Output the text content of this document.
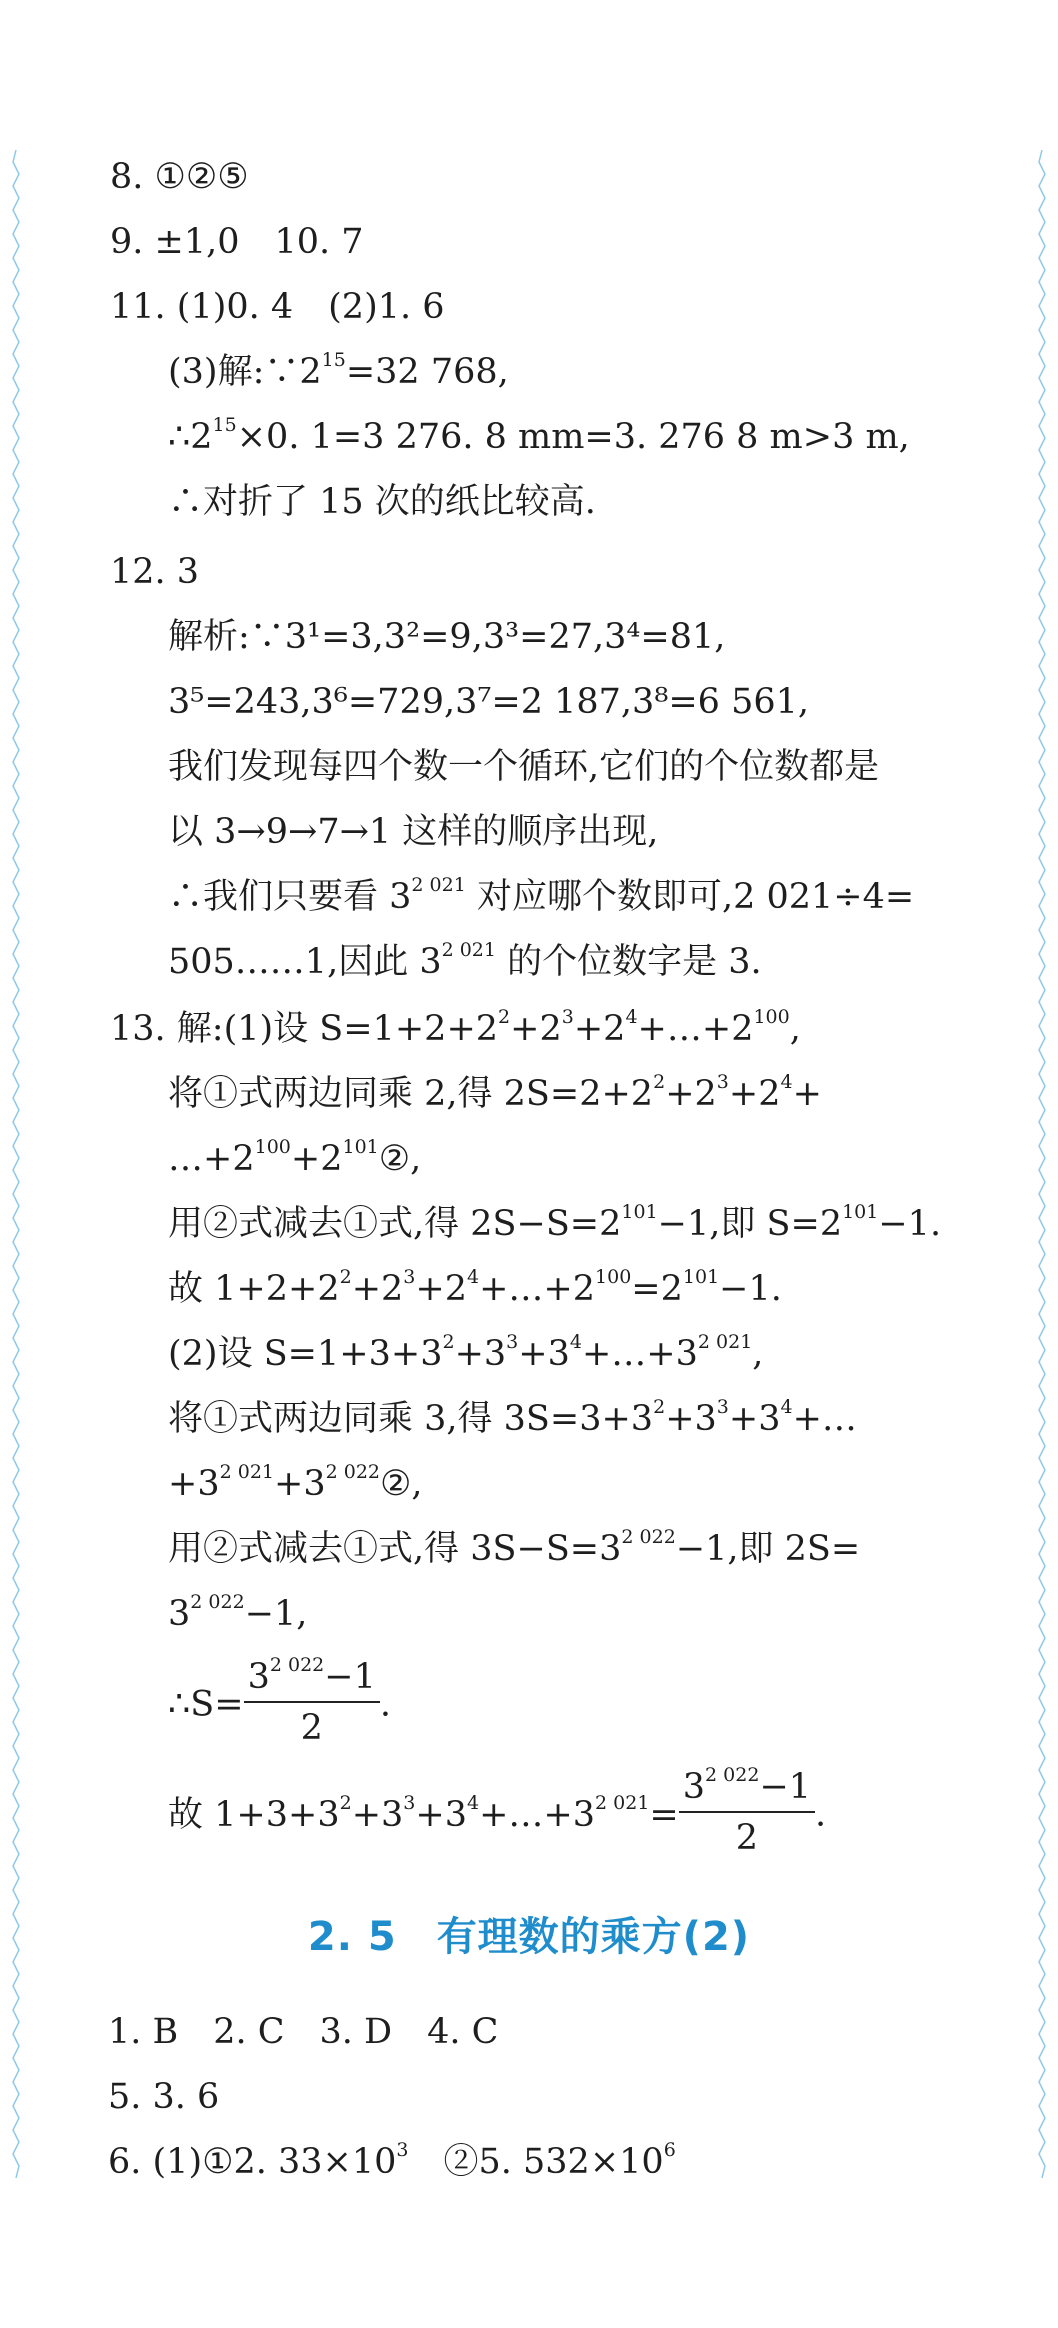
8. ①②⑤
9. ±1,0　10. 7
11. (1)0. 4　(2)1. 6
(3)解$:\because 2^{15}=32$ 768,
$\therefore 2^{15}\times 0$. 1=3 276. 8 mm=3. 276 8 m>3 m,
∴对折了 15 次的纸比较高.
12. 3
解析:∵3¹=3,3²=9,3³=27,3⁴=81,
3⁵=243,3⁶=729,3⁷=2 187,3⁸=6 561,
我们发现每四个数一个循环,它们的个位数都是
以 3→9→7→1 这样的顺序出现,
∴我们只要看 $3^{2 021}$ 对应哪个数即可,2 021÷4=
505……1,因此 $3^{2 021}$ 的个位数字是 3.
13. 解:(1)设 $S=1+2+2^2+2^3+2^4+\dots+2^{100}$,
将①式两边同乘 2,得 $2S=2+2^2+2^3+2^4+$
$\dots+2^{100}+2^{101}②$,
用②式减去①式,得 $2S-S=2^{101}-1$,即 $S=2^{101}-1$.
故 $1+2+2^2+2^3+2^4+\dots+2^{100}=2^{101}-1$.
(2)设 $S=1+3+3^2+3^3+3^4+\dots+3^{2 021}$,
将①式两边同乘 3,得 $3S=3+3^2+3^3+3^4+\dots$
$+3^{2 021}+3^{2 022}②$,
用②式减去①式,得 $3S-S=3^{2 022}-1$,即 2S=
$3^{2 022}-1$,
∴S= $\frac{3^{2 022}-1}{2}$ .
故 $1+3+3^2+3^3+3^4+\dots+3^{2 021}= \frac{3^{2 022}-1}{2}$ .
2. 5 有理数的乘方(2)
1. B　2. C　3. D　4. C
5. 3. 6
6. (1)①2. $33\times 10^3$　②5. $532\times 10^6$
